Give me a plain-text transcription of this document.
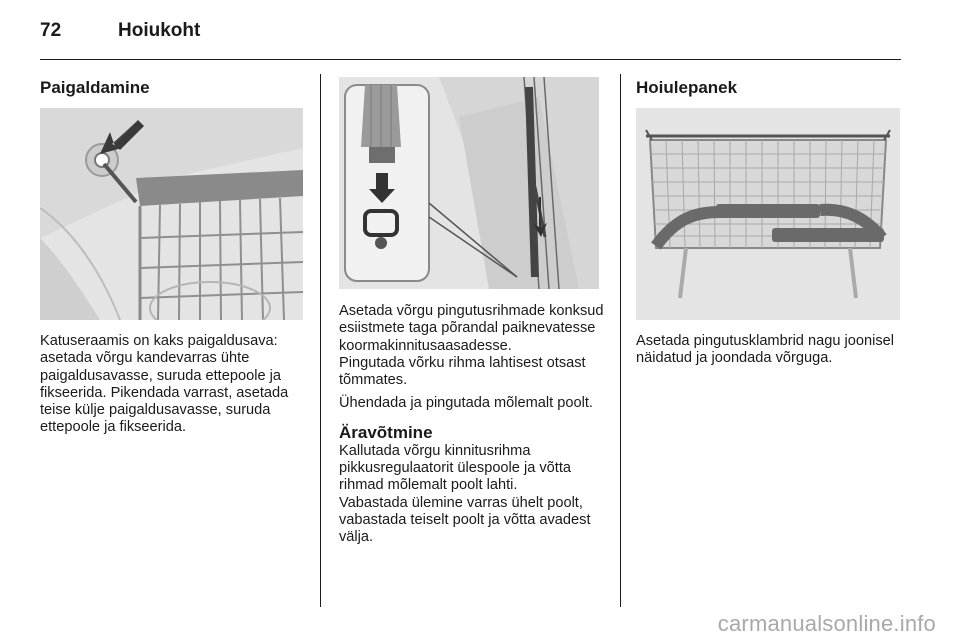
72	Hoiukoht
Paigaldamine

Katuseraamis on kaks paigaldusava: asetada võrgu kandevarras ühte paigaldusavasse, suruda ettepoole ja fikseerida. Pikendada varrast, asetada teise külje paigaldusavasse, suruda ettepoole ja fikseerida.

Asetada võrgu pingutusrihmade konksud esiistmete taga põrandal paiknevatesse koormakinnitusaasadesse.

Pingutada võrku rihma lahtisest otsast tõmmates.

Ühendada ja pingutada mõlemalt poolt.

Äravõtmine

Kallutada võrgu kinnitusrihma pikkusregulaatorit ülespoole ja võtta rihmad mõlemalt poolt lahti.

Vabastada ülemine varras ühelt poolt, vabastada teiselt poolt ja võtta avadest välja.

Hoiulepanek

Asetada pingutusklambrid nagu joonisel näidatud ja joondada võrguga.

carmanualsonline.info
